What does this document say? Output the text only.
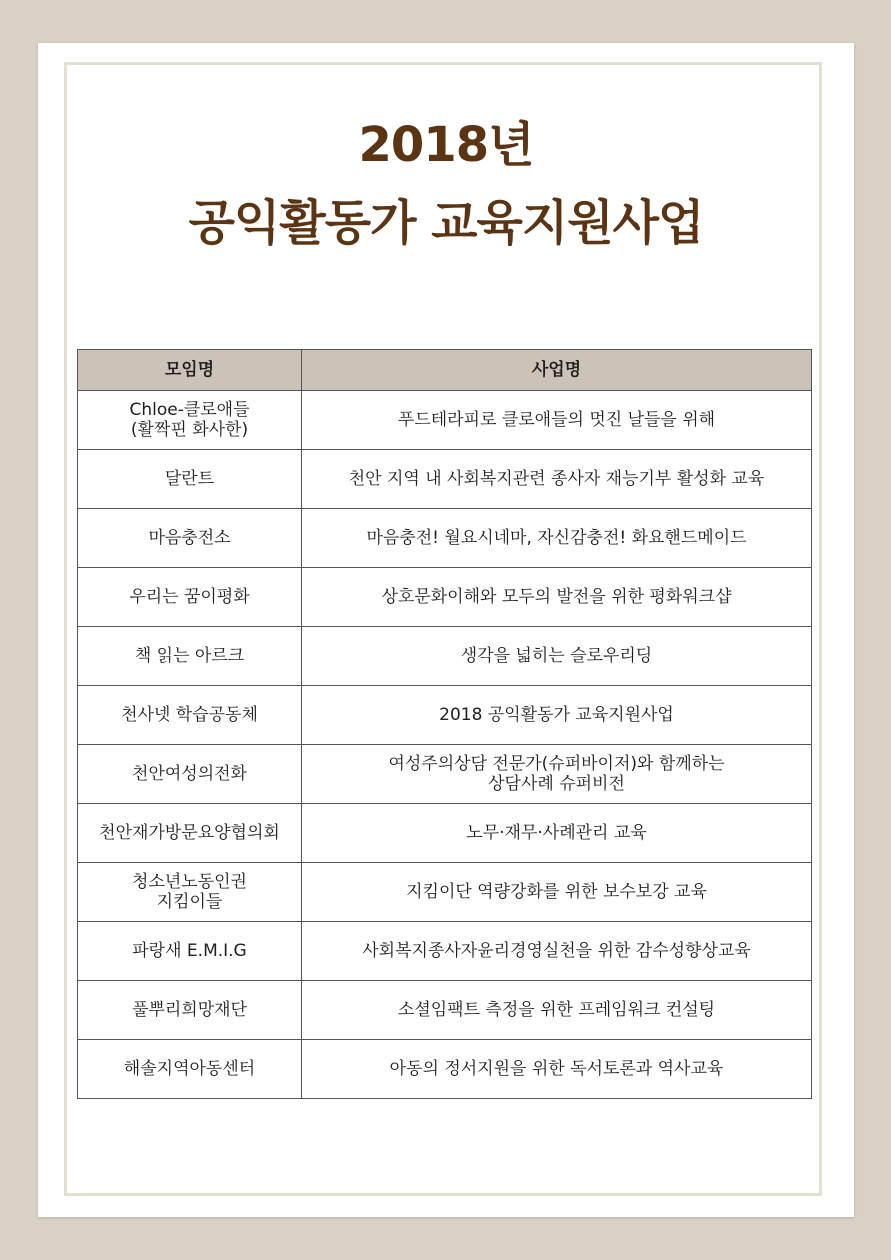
2018년
공익활동가 교육지원사업
모임명	사업명
Chloe-클로애들
(활짝핀 화사한)	푸드테라피로 클로애들의 멋진 날들을 위해
달란트	천안 지역 내 사회복지관련 종사자 재능기부 활성화 교육
마음충전소	마음충전! 월요시네마, 자신감충전! 화요핸드메이드
우리는 꿈이평화	상호문화이해와 모두의 발전을 위한 평화워크샵
책 읽는 아르크	생각을 넓히는 슬로우리딩
천사넷 학습공동체	2018 공익활동가 교육지원사업
천안여성의전화	여성주의상담 전문가(슈퍼바이저)와 함께하는
상담사례 슈퍼비전
천안재가방문요양협의회	노무·재무·사례관리 교육
청소년노동인권
지킴이들	지킴이단 역량강화를 위한 보수보강 교육
파랑새 E.M.I.G	사회복지종사자윤리경영실천을 위한 감수성향상교육
풀뿌리희망재단	소셜임팩트 측정을 위한 프레임워크 컨설팅
해솔지역아동센터	아동의 정서지원을 위한 독서토론과 역사교육
